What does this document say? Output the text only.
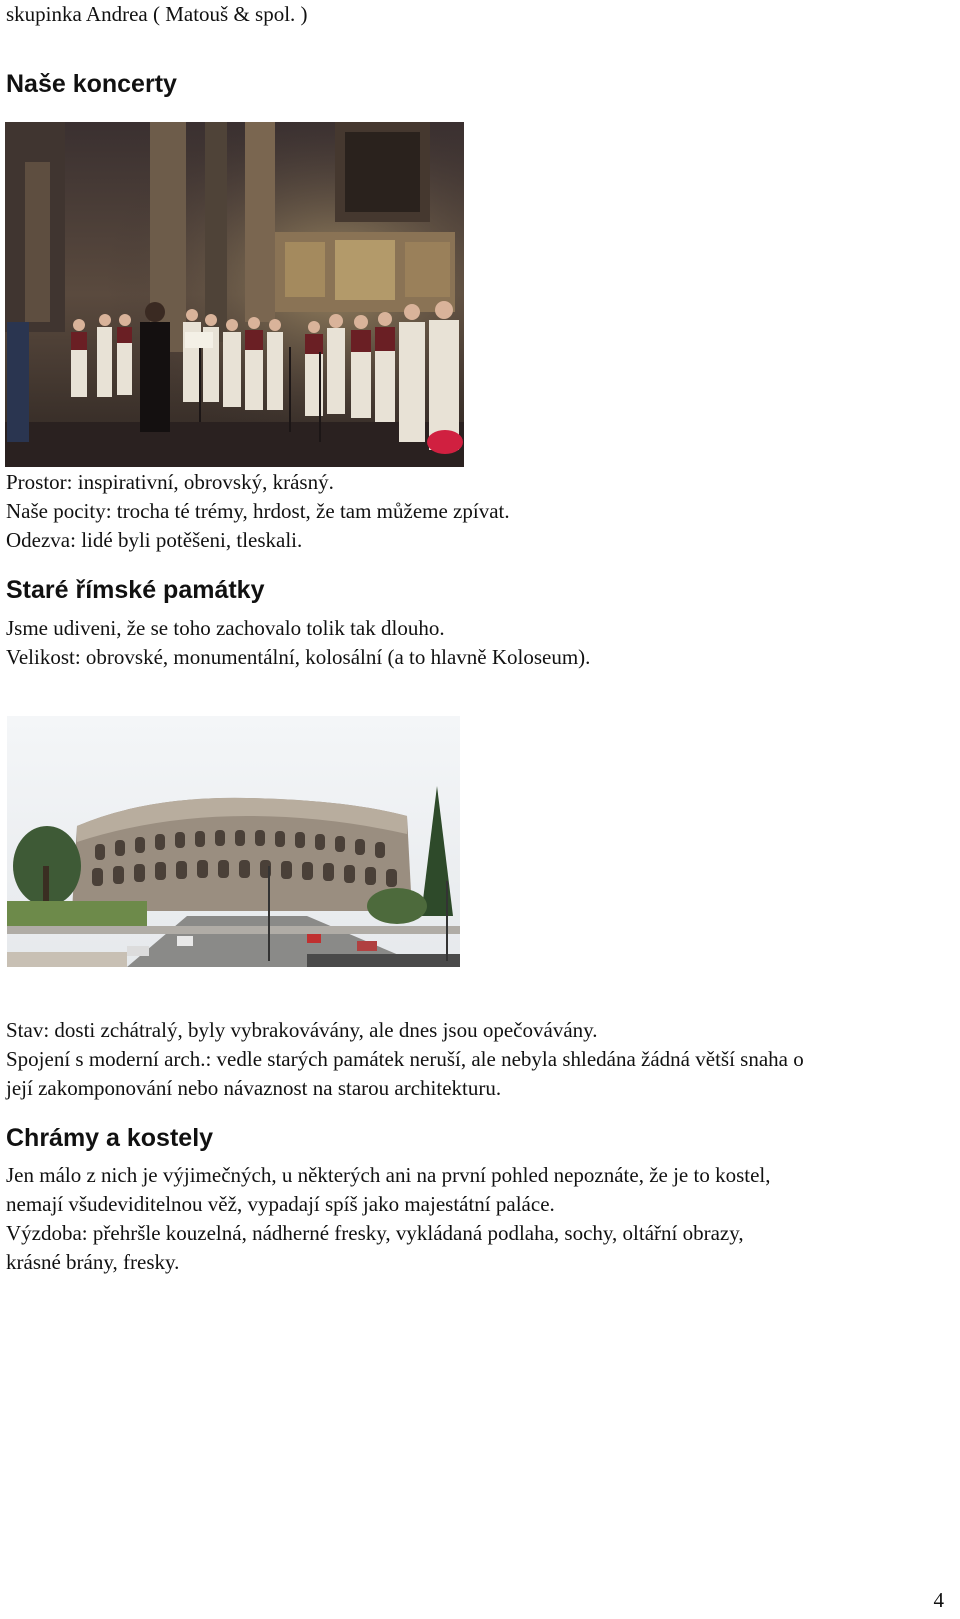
skupinka Andrea ( Matouš & spol. )
Naše koncerty
Prostor: inspirativní, obrovský, krásný.
Naše pocity: trocha té trémy, hrdost, že tam můžeme zpívat.
Odezva: lidé byli potěšeni, tleskali.
Staré římské památky
Jsme udiveni, že se toho zachovalo tolik tak dlouho.
Velikost: obrovské, monumentální, kolosální (a to hlavně Koloseum).
Stav: dosti zchátralý, byly vybrakovávány, ale dnes jsou opečovávány.
Spojení s moderní arch.: vedle starých památek neruší, ale nebyla shledána žádná větší snaha o
její zakomponování nebo návaznost na starou architekturu.
Chrámy a kostely
Jen málo z nich je výjimečných, u některých ani na první pohled nepoznáte, že je to kostel,
nemají všudeviditelnou věž, vypadají spíš jako majestátní paláce.
Výzdoba: přehršle kouzelná, nádherné fresky, vykládaná podlaha, sochy, oltářní obrazy,
krásné brány, fresky.
4
